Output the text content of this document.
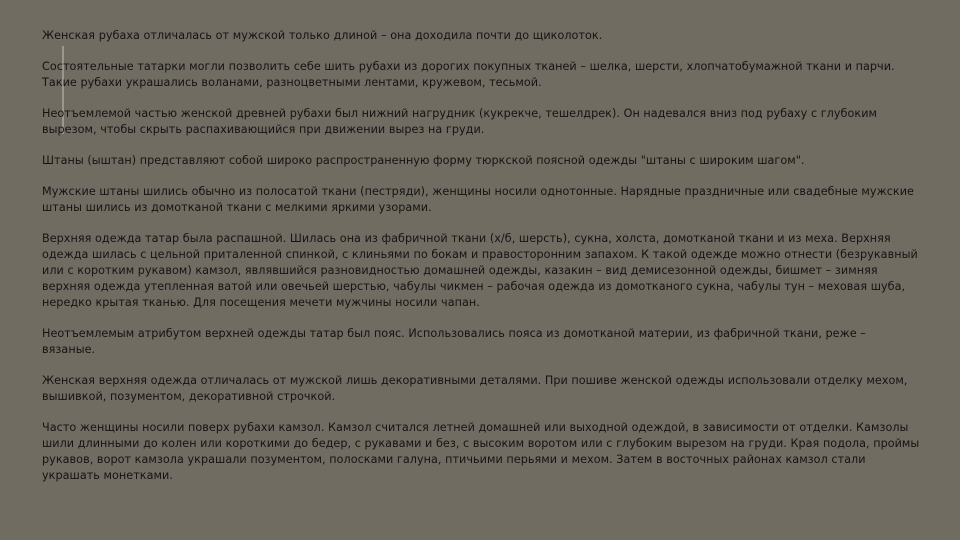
Женская рубаха отличалась от мужской только длиной – она доходила почти до щиколоток.

Состоятельные татарки могли позволить себе шить рубахи из дорогих покупных тканей – шелка, шерсти, хлопчатобумажной ткани и парчи. Такие рубахи украшались воланами, разноцветными лентами, кружевом, тесьмой.

Неотъемлемой частью женской древней рубахи был нижний нагрудник (кукрекче, тешелдрек). Он надевался вниз под рубаху с глубоким вырезом, чтобы скрыть распахивающийся при движении вырез на груди.

Штаны (ыштан) представляют собой широко распространенную форму тюркской поясной одежды "штаны с широким шагом".

Мужские штаны шились обычно из полосатой ткани (пестряди), женщины носили однотонные. Нарядные праздничные или свадебные мужские штаны шились из домотканой ткани с мелкими яркими узорами.

Верхняя одежда татар была распашной. Шилась она из фабричной ткани (х/б, шерсть), сукна, холста, домотканой ткани и из меха. Верхняя одежда шилась с цельной приталенной спинкой, с клиньями по бокам и правосторонним запахом. К такой одежде можно отнести (безрукавный или с коротким рукавом) камзол, являвшийся разновидностью домашней одежды, казакин – вид демисезонной одежды, бишмет – зимняя верхняя одежда утепленная ватой или овечьей шерстью, чабулы чикмен – рабочая одежда из домотканого сукна, чабулы тун – меховая шуба, нередко крытая тканью. Для посещения мечети мужчины носили чапан.

Неотъемлемым атрибутом верхней одежды татар был пояс. Использовались пояса из домотканой материи, из фабричной ткани, реже – вязаные.

Женская верхняя одежда отличалась от мужской лишь декоративными деталями. При пошиве женской одежды использовали отделку мехом, вышивкой, позументом, декоративной строчкой.

Часто женщины носили поверх рубахи камзол. Камзол считался летней домашней или выходной одеждой, в зависимости от отделки. Камзолы шили длинными до колен или короткими до бедер, с рукавами и без, с высоким воротом или с глубоким вырезом на груди. Края подола, проймы рукавов, ворот камзола украшали позументом, полосками галуна, птичьими перьями и мехом. Затем в восточных районах камзол стали украшать монетками.
